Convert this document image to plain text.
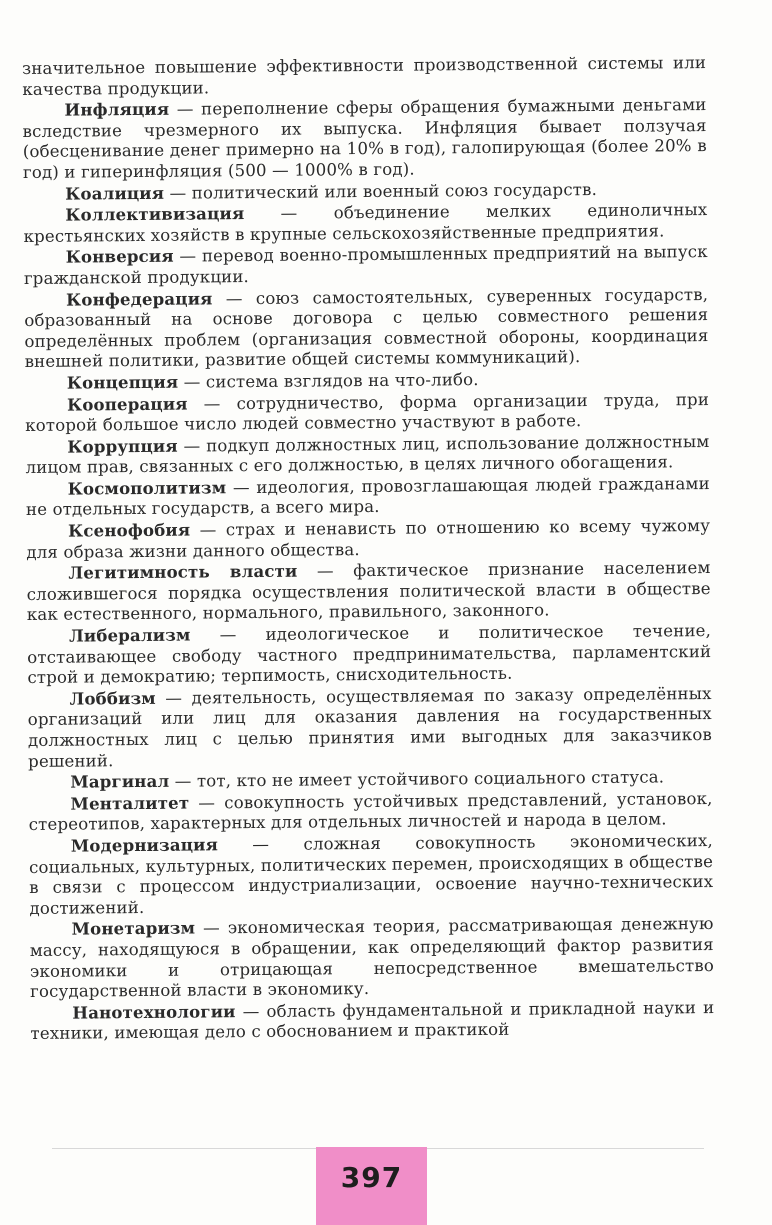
значительное повышение эффективности производственной системы или качества продукции.

Инфляция — переполнение сферы обращения бумажными деньгами вследствие чрезмерного их выпуска. Инфляция бывает ползучая (обесценивание денег примерно на 10% в год), галопирующая (более 20% в год) и гиперинфляция (500 — 1000% в год).

Коалиция — политический или военный союз государств.

Коллективизация — объединение мелких единоличных крестьянских хозяйств в крупные сельскохозяйственные предприятия.

Конверсия — перевод военно-промышленных предприятий на выпуск гражданской продукции.

Конфедерация — союз самостоятельных, суверенных государств, образованный на основе договора с целью совместного решения определённых проблем (организация совместной обороны, координация внешней политики, развитие общей системы коммуникаций).

Концепция — система взглядов на что-либо.

Кооперация — сотрудничество, форма организации труда, при которой большое число людей совместно участвуют в работе.

Коррупция — подкуп должностных лиц, использование должностным лицом прав, связанных с его должностью, в целях личного обогащения.

Космополитизм — идеология, провозглашающая людей гражданами не отдельных государств, а всего мира.

Ксенофобия — страх и ненависть по отношению ко всему чужому для образа жизни данного общества.

Легитимность власти — фактическое признание населением сложившегося порядка осуществления политической власти в обществе как естественного, нормального, правильного, законного.

Либерализм — идеологическое и политическое течение, отстаивающее свободу частного предпринимательства, парламентский строй и демократию; терпимость, снисходительность.

Лоббизм — деятельность, осуществляемая по заказу определённых организаций или лиц для оказания давления на государственных должностных лиц с целью принятия ими выгодных для заказчиков решений.

Маргинал — тот, кто не имеет устойчивого социального статуса.

Менталитет — совокупность устойчивых представлений, установок, стереотипов, характерных для отдельных личностей и народа в целом.

Модернизация — сложная совокупность экономических, социальных, культурных, политических перемен, происходящих в обществе в связи с процессом индустриализации, освоение научно-технических достижений.

Монетаризм — экономическая теория, рассматривающая денежную массу, находящуюся в обращении, как определяющий фактор развития экономики и отрицающая непосредственное вмешательство государственной власти в экономику.

Нанотехнологии — область фундаментальной и прикладной науки и техники, имеющая дело с обоснованием и практикой

397
